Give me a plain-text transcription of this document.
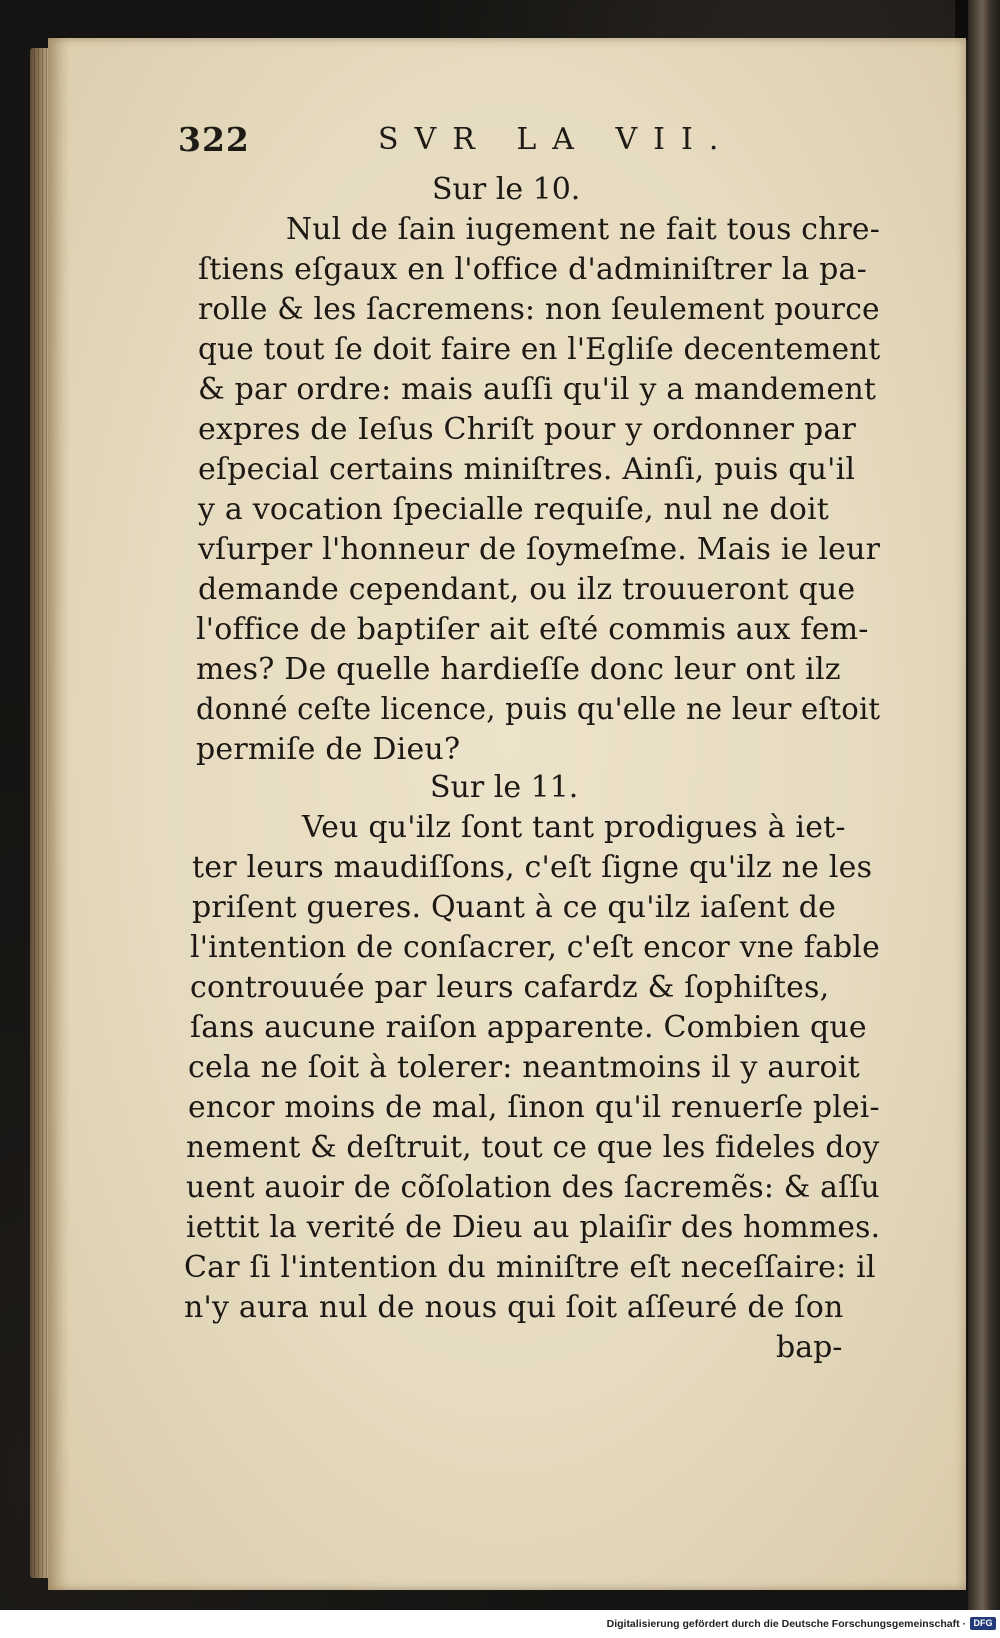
322	SVR LA VII.
Sur le 10.
Nul de ſain iugement ne fait tous chre-
ſtiens eſgaux en l'office d'adminiſtrer la pa-
rolle & les ſacremens: non ſeulement pource
que tout ſe doit faire en l'Egliſe decentement
& par ordre: mais auſſi qu'il y a mandement
expres de Ieſus Chriſt pour y ordonner par
eſpecial certains miniſtres. Ainſi, puis qu'il
y a vocation ſpecialle requiſe, nul ne doit
vſurper l'honneur de ſoymeſme. Mais ie leur
demande cependant, ou ilz trouueront que
l'office de baptiſer ait eſté commis aux fem-
mes? De quelle hardieſſe donc leur ont ilz
donné ceſte licence, puis qu'elle ne leur eſtoit
permiſe de Dieu?
Sur le 11.
Veu qu'ilz ſont tant prodigues à iet-
ter leurs maudiſſons, c'eſt ſigne qu'ilz ne les
priſent gueres. Quant à ce qu'ilz iaſent de
l'intention de conſacrer, c'eſt encor vne fable
controuuée par leurs cafardz & ſophiſtes,
ſans aucune raiſon apparente. Combien que
cela ne ſoit à tolerer: neantmoins il y auroit
encor moins de mal, ſinon qu'il renuerſe plei-
nement & deſtruit, tout ce que les fideles doy
uent auoir de cõſolation des ſacremẽs: & aſſu
iettit la verité de Dieu au plaiſir des hommes.
Car ſi l'intention du miniſtre eſt neceſſaire: il
n'y aura nul de nous qui ſoit aſſeuré de ſon
bap-
Digitalisierung gefördert durch die Deutsche Forschungsgemeinschaft · DFG
